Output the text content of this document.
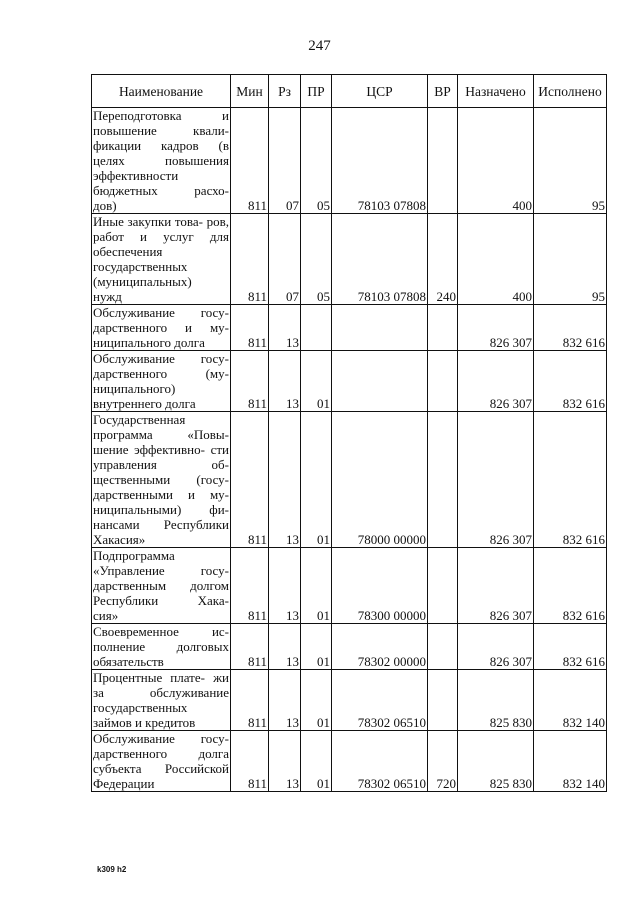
247
Наименование	Мин	Рз	ПР	ЦСР	ВР	Назначено	Исполнено
Переподготовка и повышение квали- фикации кадров (в целях повышения эффективности бюджетных расхо-
дов)	811	07	05	78103 07808		400	95
Иные закупки това- ров, работ и услуг для обеспечения государственных (муниципальных)
нужд	811	07	05	78103 07808	240	400	95
Обслуживание госу- дарственного и му-
ниципального долга	811	13				826 307	832 616
Обслуживание госу- дарственного (му- ниципального)
внутреннего долга	811	13	01			826 307	832 616
Государственная программа «Повы- шение эффективно- сти управления об- щественными (госу- дарственными и му- ниципальными) фи- нансами Республики
Хакасия»	811	13	01	78000 00000		826 307	832 616
Подпрограмма «Управление госу- дарственным долгом Республики Хака-
сия»	811	13	01	78300 00000		826 307	832 616
Своевременное ис- полнение долговых
обязательств	811	13	01	78302 00000		826 307	832 616
Процентные плате- жи за обслуживание государственных
займов и кредитов	811	13	01	78302 06510		825 830	832 140
Обслуживание госу- дарственного долга субъекта Российской
Федерации	811	13	01	78302 06510	720	825 830	832 140
k309 h2
